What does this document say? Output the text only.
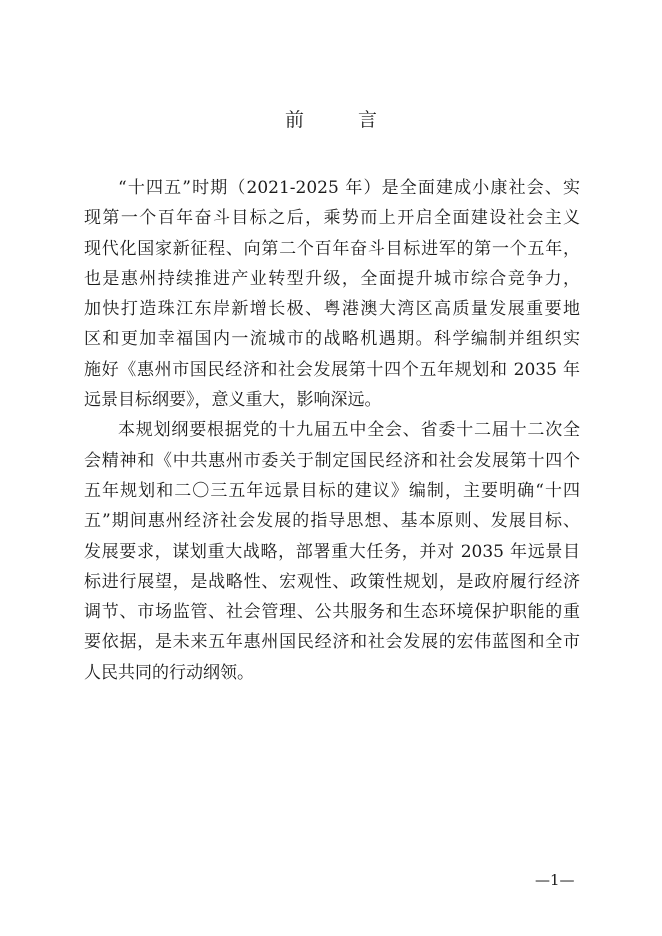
前 言
“十四五”时期（2021-2025 年）是全面建成小康社会、实
现第一个百年奋斗目标之后，乘势而上开启全面建设社会主义
现代化国家新征程、向第二个百年奋斗目标进军的第一个五年，
也是惠州持续推进产业转型升级，全面提升城市综合竞争力，
加快打造珠江东岸新增长极、粤港澳大湾区高质量发展重要地
区和更加幸福国内一流城市的战略机遇期。科学编制并组织实
施好《惠州市国民经济和社会发展第十四个五年规划和 2035 年
远景目标纲要》，意义重大，影响深远。
本规划纲要根据党的十九届五中全会、省委十二届十二次全
会精神和《中共惠州市委关于制定国民经济和社会发展第十四个
五年规划和二〇三五年远景目标的建议》编制，主要明确“十四
五”期间惠州经济社会发展的指导思想、基本原则、发展目标、
发展要求，谋划重大战略，部署重大任务，并对 2035 年远景目
标进行展望，是战略性、宏观性、政策性规划，是政府履行经济
调节、市场监管、社会管理、公共服务和生态环境保护职能的重
要依据，是未来五年惠州国民经济和社会发展的宏伟蓝图和全市
人民共同的行动纲领。
—1—
